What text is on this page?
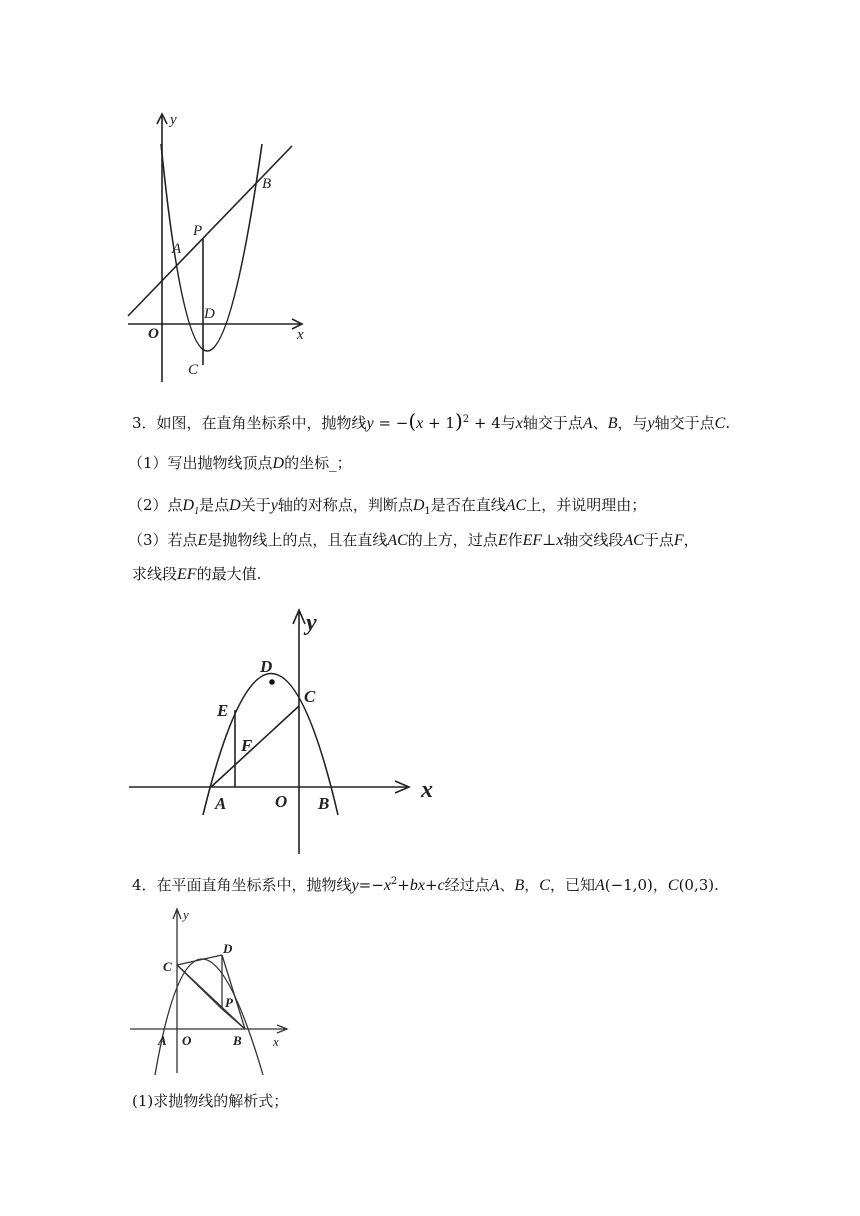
y
x
O
A
B
P
D
C
3．如图，在直角坐标系中，抛物线$y = -(x + 1)^2 + 4$与x轴交于点A、B，与y轴交于点C.
（1）写出抛物线顶点D的坐标_；
（2）点$D_1$是点D关于y轴的对称点，判断点$D_1$是否在直线AC上，并说明理由；
（3）若点E是抛物线上的点，且在直线AC的上方，过点E作EF⊥x轴交线段AC于点F，
求线段EF的最大值.
y
x
D
C
E
F
A	O B
4．在平面直角坐标系中，抛物线$y=-x^2+bx+c$经过点A、B，C，已知A(−1,0)，C(0,3).
y
x
C
D
P
A O	B
(1)求抛物线的解析式；
